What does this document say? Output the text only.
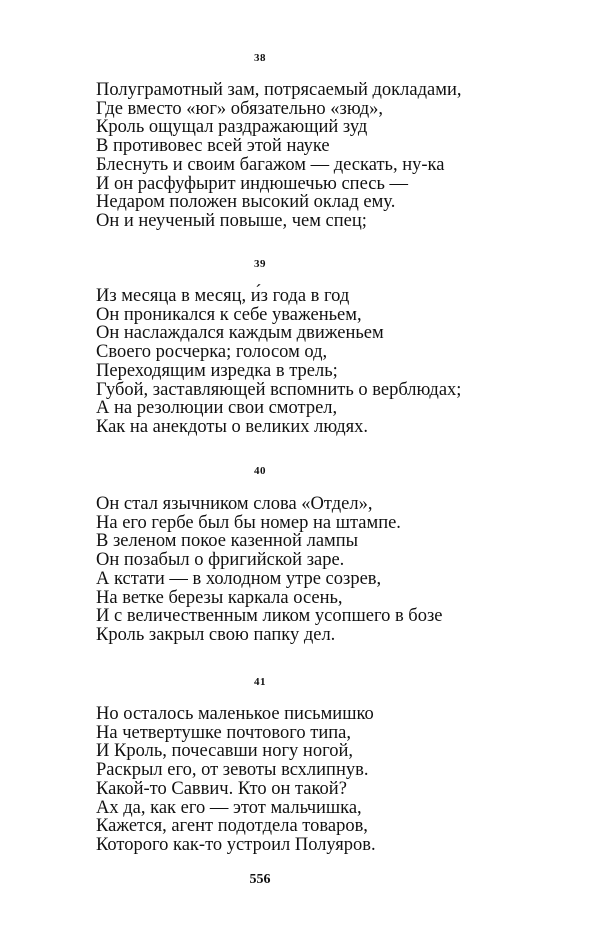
38
Полуграмотный зам, потрясаемый докладами,
Где вместо «юг» обязательно «зюд»,
Кроль ощущал раздражающий зуд
В противовес всей этой науке
Блеснуть и своим багажом — дескать, ну-ка
И он расфуфырит индюшечью спесь —
Недаром положен высокий оклад ему.
Он и неученый повыше, чем спец;
39
Из месяца в месяц, и́з года в год
Он проникался к себе уваженьем,
Он наслаждался каждым движеньем
Своего росчерка; голосом од,
Переходящим изредка в трель;
Губой, заставляющей вспомнить о верблюдах;
А на резолюции свои смотрел,
Как на анекдоты о великих людях.
40
Он стал язычником слова «Отдел»,
На его гербе был бы номер на штампе.
В зеленом покое казенной лампы
Он позабыл о фригийской заре.
А кстати — в холодном утре созрев,
На ветке березы каркала осень,
И с величественным ликом усопшего в бозе
Кроль закрыл свою папку дел.
41
Но осталось маленькое письмишко
На четвертушке почтового типа,
И Кроль, почесавши ногу ногой,
Раскрыл его, от зевоты всхлипнув.
Какой-то Саввич. Кто он такой?
Ах да, как его — этот мальчишка,
Кажется, агент подотдела товаров,
Которого как-то устроил Полуяров.
556
